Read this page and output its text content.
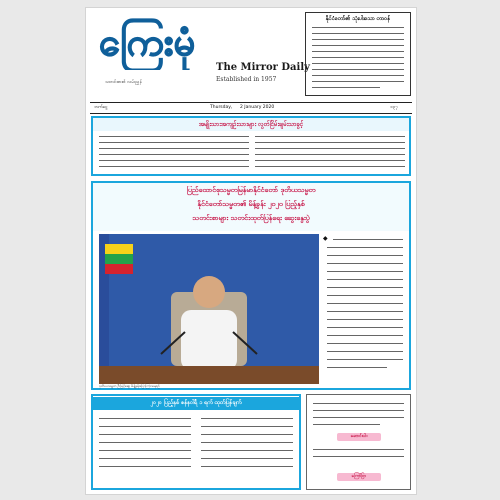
ကြေးမုံ
The Mirror Daily
Established in 1957
သတင်းစာ၏ လမ်းညွှန်
နိုင်ငံတော်၏ သုံးပါးသော တာဝန်
ဘက်ငွေ	Thursday, 2 January 2020	၁၃၇
အမျိုးသားအကျဉ်းသားများ လွတ်ငြိမ်းချမ်းသာခွင့်
ပြည်ထောင်စုသမ္မတမြန်မာနိုင်ငံတော် ဒုတိယသမ္မတ
နိုင်ငံတော်သမ္မတ၏ မိန့်ခွန်း ၂၀၂၀ ပြည့်နှစ်
သတင်းစာများ သတင်းထုတ်ပြန်ရေး ဆွေးနွေးပွဲ
ဒုတိယသမ္မတ ဦးမြင့်ဆွေ မိန့်ခွန်းပြောကြားနေစဉ်
◆
၂၀၂၀ ပြည့်နှစ် ဇန်နဝါရီ ၁ ရက် ထုတ်ပြန်ချက်
ဆောင်းပါး
ကြော်ငြာ
